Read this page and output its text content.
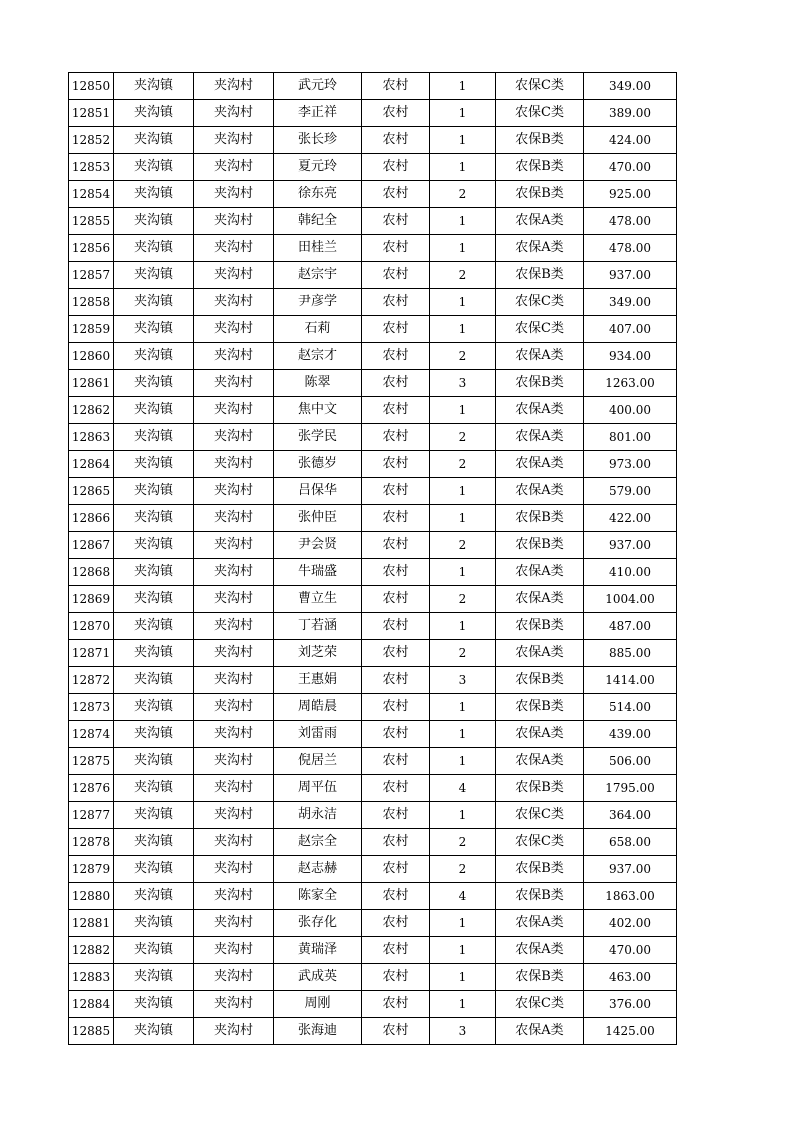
12850	夹沟镇	夹沟村	武元玲	农村	1	农保C类	349.00
12851	夹沟镇	夹沟村	李正祥	农村	1	农保C类	389.00
12852	夹沟镇	夹沟村	张长珍	农村	1	农保B类	424.00
12853	夹沟镇	夹沟村	夏元玲	农村	1	农保B类	470.00
12854	夹沟镇	夹沟村	徐东亮	农村	2	农保B类	925.00
12855	夹沟镇	夹沟村	韩纪全	农村	1	农保A类	478.00
12856	夹沟镇	夹沟村	田桂兰	农村	1	农保A类	478.00
12857	夹沟镇	夹沟村	赵宗宇	农村	2	农保B类	937.00
12858	夹沟镇	夹沟村	尹彦学	农村	1	农保C类	349.00
12859	夹沟镇	夹沟村	石莉	农村	1	农保C类	407.00
12860	夹沟镇	夹沟村	赵宗才	农村	2	农保A类	934.00
12861	夹沟镇	夹沟村	陈翠	农村	3	农保B类	1263.00
12862	夹沟镇	夹沟村	焦中文	农村	1	农保A类	400.00
12863	夹沟镇	夹沟村	张学民	农村	2	农保A类	801.00
12864	夹沟镇	夹沟村	张德岁	农村	2	农保A类	973.00
12865	夹沟镇	夹沟村	吕保华	农村	1	农保A类	579.00
12866	夹沟镇	夹沟村	张仲臣	农村	1	农保B类	422.00
12867	夹沟镇	夹沟村	尹会贤	农村	2	农保B类	937.00
12868	夹沟镇	夹沟村	牛瑞盛	农村	1	农保A类	410.00
12869	夹沟镇	夹沟村	曹立生	农村	2	农保A类	1004.00
12870	夹沟镇	夹沟村	丁若涵	农村	1	农保B类	487.00
12871	夹沟镇	夹沟村	刘芝荣	农村	2	农保A类	885.00
12872	夹沟镇	夹沟村	王惠娟	农村	3	农保B类	1414.00
12873	夹沟镇	夹沟村	周皓晨	农村	1	农保B类	514.00
12874	夹沟镇	夹沟村	刘雷雨	农村	1	农保A类	439.00
12875	夹沟镇	夹沟村	倪居兰	农村	1	农保A类	506.00
12876	夹沟镇	夹沟村	周平伍	农村	4	农保B类	1795.00
12877	夹沟镇	夹沟村	胡永洁	农村	1	农保C类	364.00
12878	夹沟镇	夹沟村	赵宗全	农村	2	农保C类	658.00
12879	夹沟镇	夹沟村	赵志赫	农村	2	农保B类	937.00
12880	夹沟镇	夹沟村	陈家全	农村	4	农保B类	1863.00
12881	夹沟镇	夹沟村	张存化	农村	1	农保A类	402.00
12882	夹沟镇	夹沟村	黄瑞泽	农村	1	农保A类	470.00
12883	夹沟镇	夹沟村	武成英	农村	1	农保B类	463.00
12884	夹沟镇	夹沟村	周刚	农村	1	农保C类	376.00
12885	夹沟镇	夹沟村	张海迪	农村	3	农保A类	1425.00
